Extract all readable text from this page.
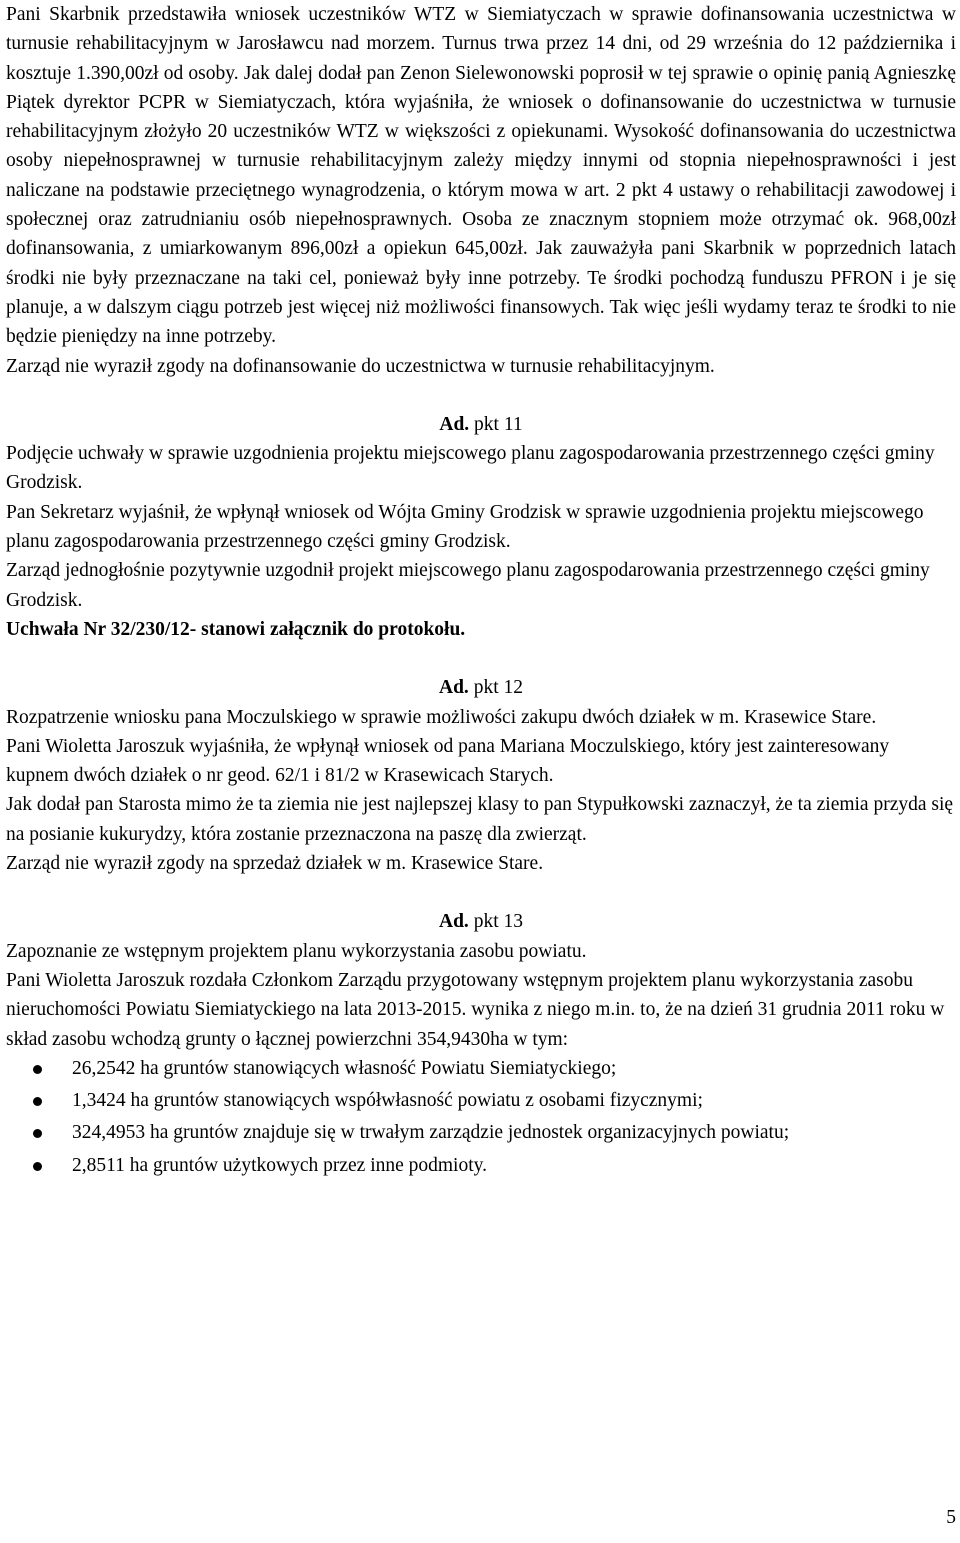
Pani Skarbnik przedstawiła wniosek uczestników WTZ w Siemiatyczach w sprawie dofinansowania uczestnictwa w turnusie rehabilitacyjnym w Jarosławcu nad morzem. Turnus trwa przez 14 dni, od 29 września do 12 października i kosztuje 1.390,00zł od osoby. Jak dalej dodał pan Zenon Sielewonowski poprosił w tej sprawie o opinię panią Agnieszkę Piątek dyrektor PCPR w Siemiatyczach, która wyjaśniła, że wniosek o dofinansowanie do uczestnictwa w turnusie rehabilitacyjnym złożyło 20 uczestników WTZ w większości z opiekunami. Wysokość dofinansowania do uczestnictwa osoby niepełnosprawnej w turnusie rehabilitacyjnym zależy między innymi od stopnia niepełnosprawności i jest naliczane na podstawie przeciętnego wynagrodzenia, o którym mowa w art. 2 pkt 4 ustawy o rehabilitacji zawodowej i społecznej oraz zatrudnianiu osób niepełnosprawnych. Osoba ze znacznym stopniem może otrzymać ok. 968,00zł dofinansowania, z umiarkowanym 896,00zł a opiekun 645,00zł. Jak zauważyła pani Skarbnik w poprzednich latach środki nie były przeznaczane na taki cel, ponieważ były inne potrzeby. Te środki pochodzą funduszu PFRON i je się planuje, a w dalszym ciągu potrzeb jest więcej niż możliwości finansowych. Tak więc jeśli wydamy teraz te środki to nie będzie pieniędzy na inne potrzeby.

Zarząd nie wyraził zgody na dofinansowanie do uczestnictwa w turnusie rehabilitacyjnym.

Ad. pkt 11

Podjęcie uchwały w sprawie uzgodnienia projektu miejscowego planu zagospodarowania przestrzennego części gminy Grodzisk.

Pan Sekretarz wyjaśnił, że wpłynął wniosek od Wójta Gminy Grodzisk w sprawie uzgodnienia projektu miejscowego planu zagospodarowania przestrzennego części gminy Grodzisk.

Zarząd jednogłośnie pozytywnie uzgodnił projekt miejscowego planu zagospodarowania przestrzennego części gminy Grodzisk.

Uchwała Nr 32/230/12- stanowi załącznik do protokołu.

Ad. pkt 12

Rozpatrzenie wniosku pana Moczulskiego w sprawie możliwości zakupu dwóch działek w m. Krasewice Stare.

Pani Wioletta Jaroszuk wyjaśniła, że wpłynął wniosek od pana Mariana Moczulskiego, który jest zainteresowany kupnem dwóch działek o nr geod. 62/1 i 81/2 w Krasewicach Starych.

Jak dodał pan Starosta mimo że ta ziemia nie jest najlepszej klasy to pan Stypułkowski zaznaczył, że ta ziemia przyda się na posianie kukurydzy, która zostanie przeznaczona na paszę dla zwierząt.

Zarząd nie wyraził zgody na sprzedaż działek w m. Krasewice Stare.

Ad. pkt 13

Zapoznanie ze wstępnym projektem planu wykorzystania zasobu powiatu.

Pani Wioletta Jaroszuk rozdała Członkom Zarządu przygotowany wstępnym projektem planu wykorzystania zasobu nieruchomości Powiatu Siemiatyckiego na lata 2013-2015. wynika z niego m.in. to, że na dzień 31 grudnia 2011 roku w skład zasobu wchodzą grunty o łącznej powierzchni 354,9430ha w tym:

26,2542 ha gruntów stanowiących własność Powiatu Siemiatyckiego;
1,3424 ha gruntów stanowiących współwłasność powiatu z osobami fizycznymi;
324,4953 ha gruntów znajduje się w trwałym zarządzie jednostek organizacyjnych powiatu;
2,8511 ha gruntów użytkowych przez inne podmioty.
5
